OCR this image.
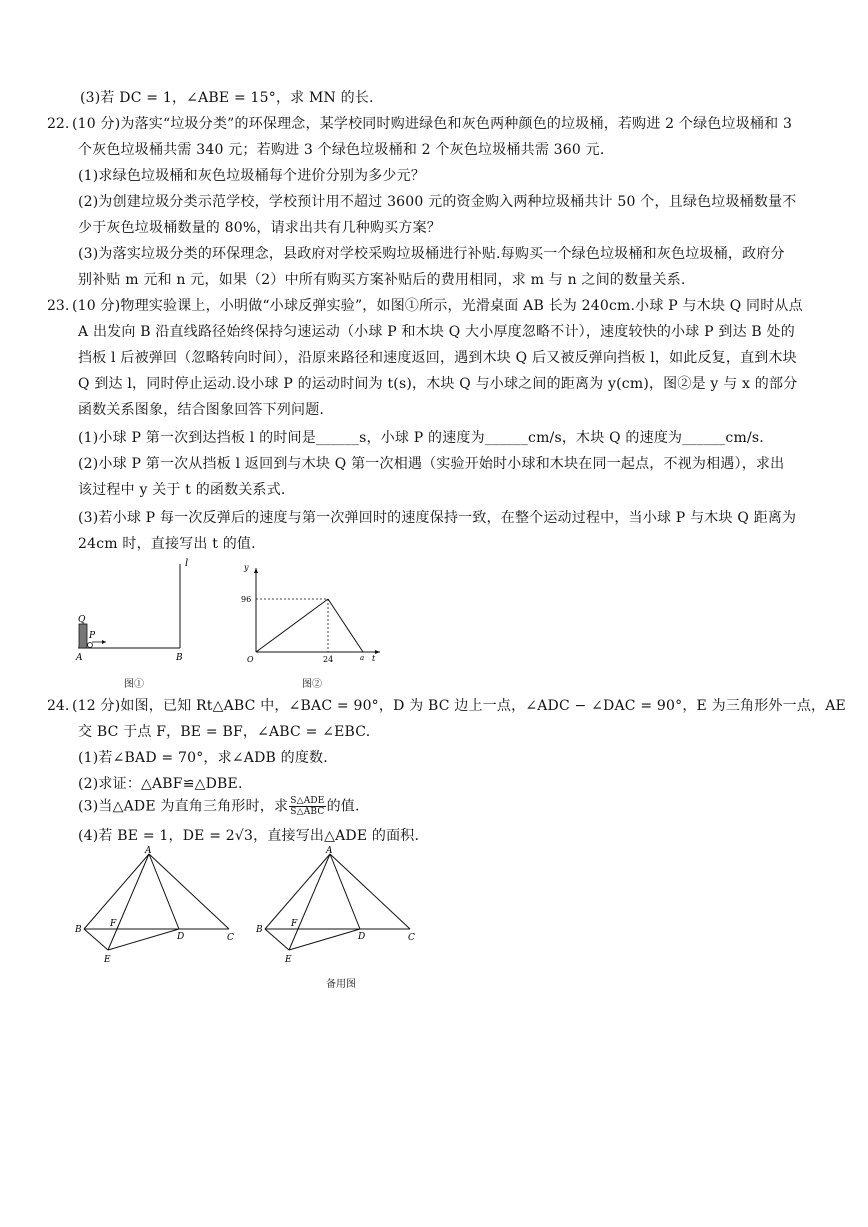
(3)若 DC = 1，∠ABE = 15°，求 MN 的长.
22. (10 分)为落实“垃圾分类”的环保理念，某学校同时购进绿色和灰色两种颜色的垃圾桶，若购进 2 个绿色垃圾桶和 3
个灰色垃圾桶共需 340 元；若购进 3 个绿色垃圾桶和 2 个灰色垃圾桶共需 360 元.
(1)求绿色垃圾桶和灰色垃圾桶每个进价分别为多少元？
(2)为创建垃圾分类示范学校，学校预计用不超过 3600 元的资金购入两种垃圾桶共计 50 个，且绿色垃圾桶数量不
少于灰色垃圾桶数量的 80%，请求出共有几种购买方案？
(3)为落实垃圾分类的环保理念，县政府对学校采购垃圾桶进行补贴.每购买一个绿色垃圾桶和灰色垃圾桶，政府分
别补贴 m 元和 n 元，如果（2）中所有购买方案补贴后的费用相同，求 m 与 n 之间的数量关系.
23. (10 分)物理实验课上，小明做“小球反弹实验”，如图①所示，光滑桌面 AB 长为 240cm.小球 P 与木块 Q 同时从点
A 出发向 B 沿直线路径始终保持匀速运动（小球 P 和木块 Q 大小厚度忽略不计），速度较快的小球 P 到达 B 处的
挡板 l 后被弹回（忽略转向时间），沿原来路径和速度返回，遇到木块 Q 后又被反弹向挡板 l，如此反复，直到木块
Q 到达 l，同时停止运动.设小球 P 的运动时间为 t(s)，木块 Q 与小球之间的距离为 y(cm)，图②是 y 与 x 的部分
函数关系图象，结合图象回答下列问题.
(1)小球 P 第一次到达挡板 l 的时间是______s，小球 P 的速度为______cm/s，木块 Q 的速度为______cm/s.
(2)小球 P 第一次从挡板 l 返回到与木块 Q 第一次相遇（实验开始时小球和木块在同一起点，不视为相遇），求出
该过程中 y 关于 t 的函数关系式.
(3)若小球 P 每一次反弹后的速度与第一次弹回时的速度保持一致，在整个运动过程中，当小球 P 与木块 Q 距离为
24cm 时，直接写出 t 的值.
l
Q
P
A	B
图①
y
96
O	24	a t
图②
24. (12 分)如图，已知 Rt△ABC 中，∠BAC = 90°，D 为 BC 边上一点，∠ADC − ∠DAC = 90°，E 为三角形外一点，AE
交 BC 于点 F，BE = BF，∠ABC = ∠EBC.
(1)若∠BAD = 70°，求∠ADB 的度数.
(2)求证：△ABF≌△DBE.
(3)当△ADE 为直角三角形时，求 $\frac{\text{S△ADE}}{\text{S△ABC}}$ 的值.
(4)若 BE = 1，DE = 2√3，直接写出△ADE 的面积.
A
B
C
D
E
F
A
B
C
D
E
F
备用图
